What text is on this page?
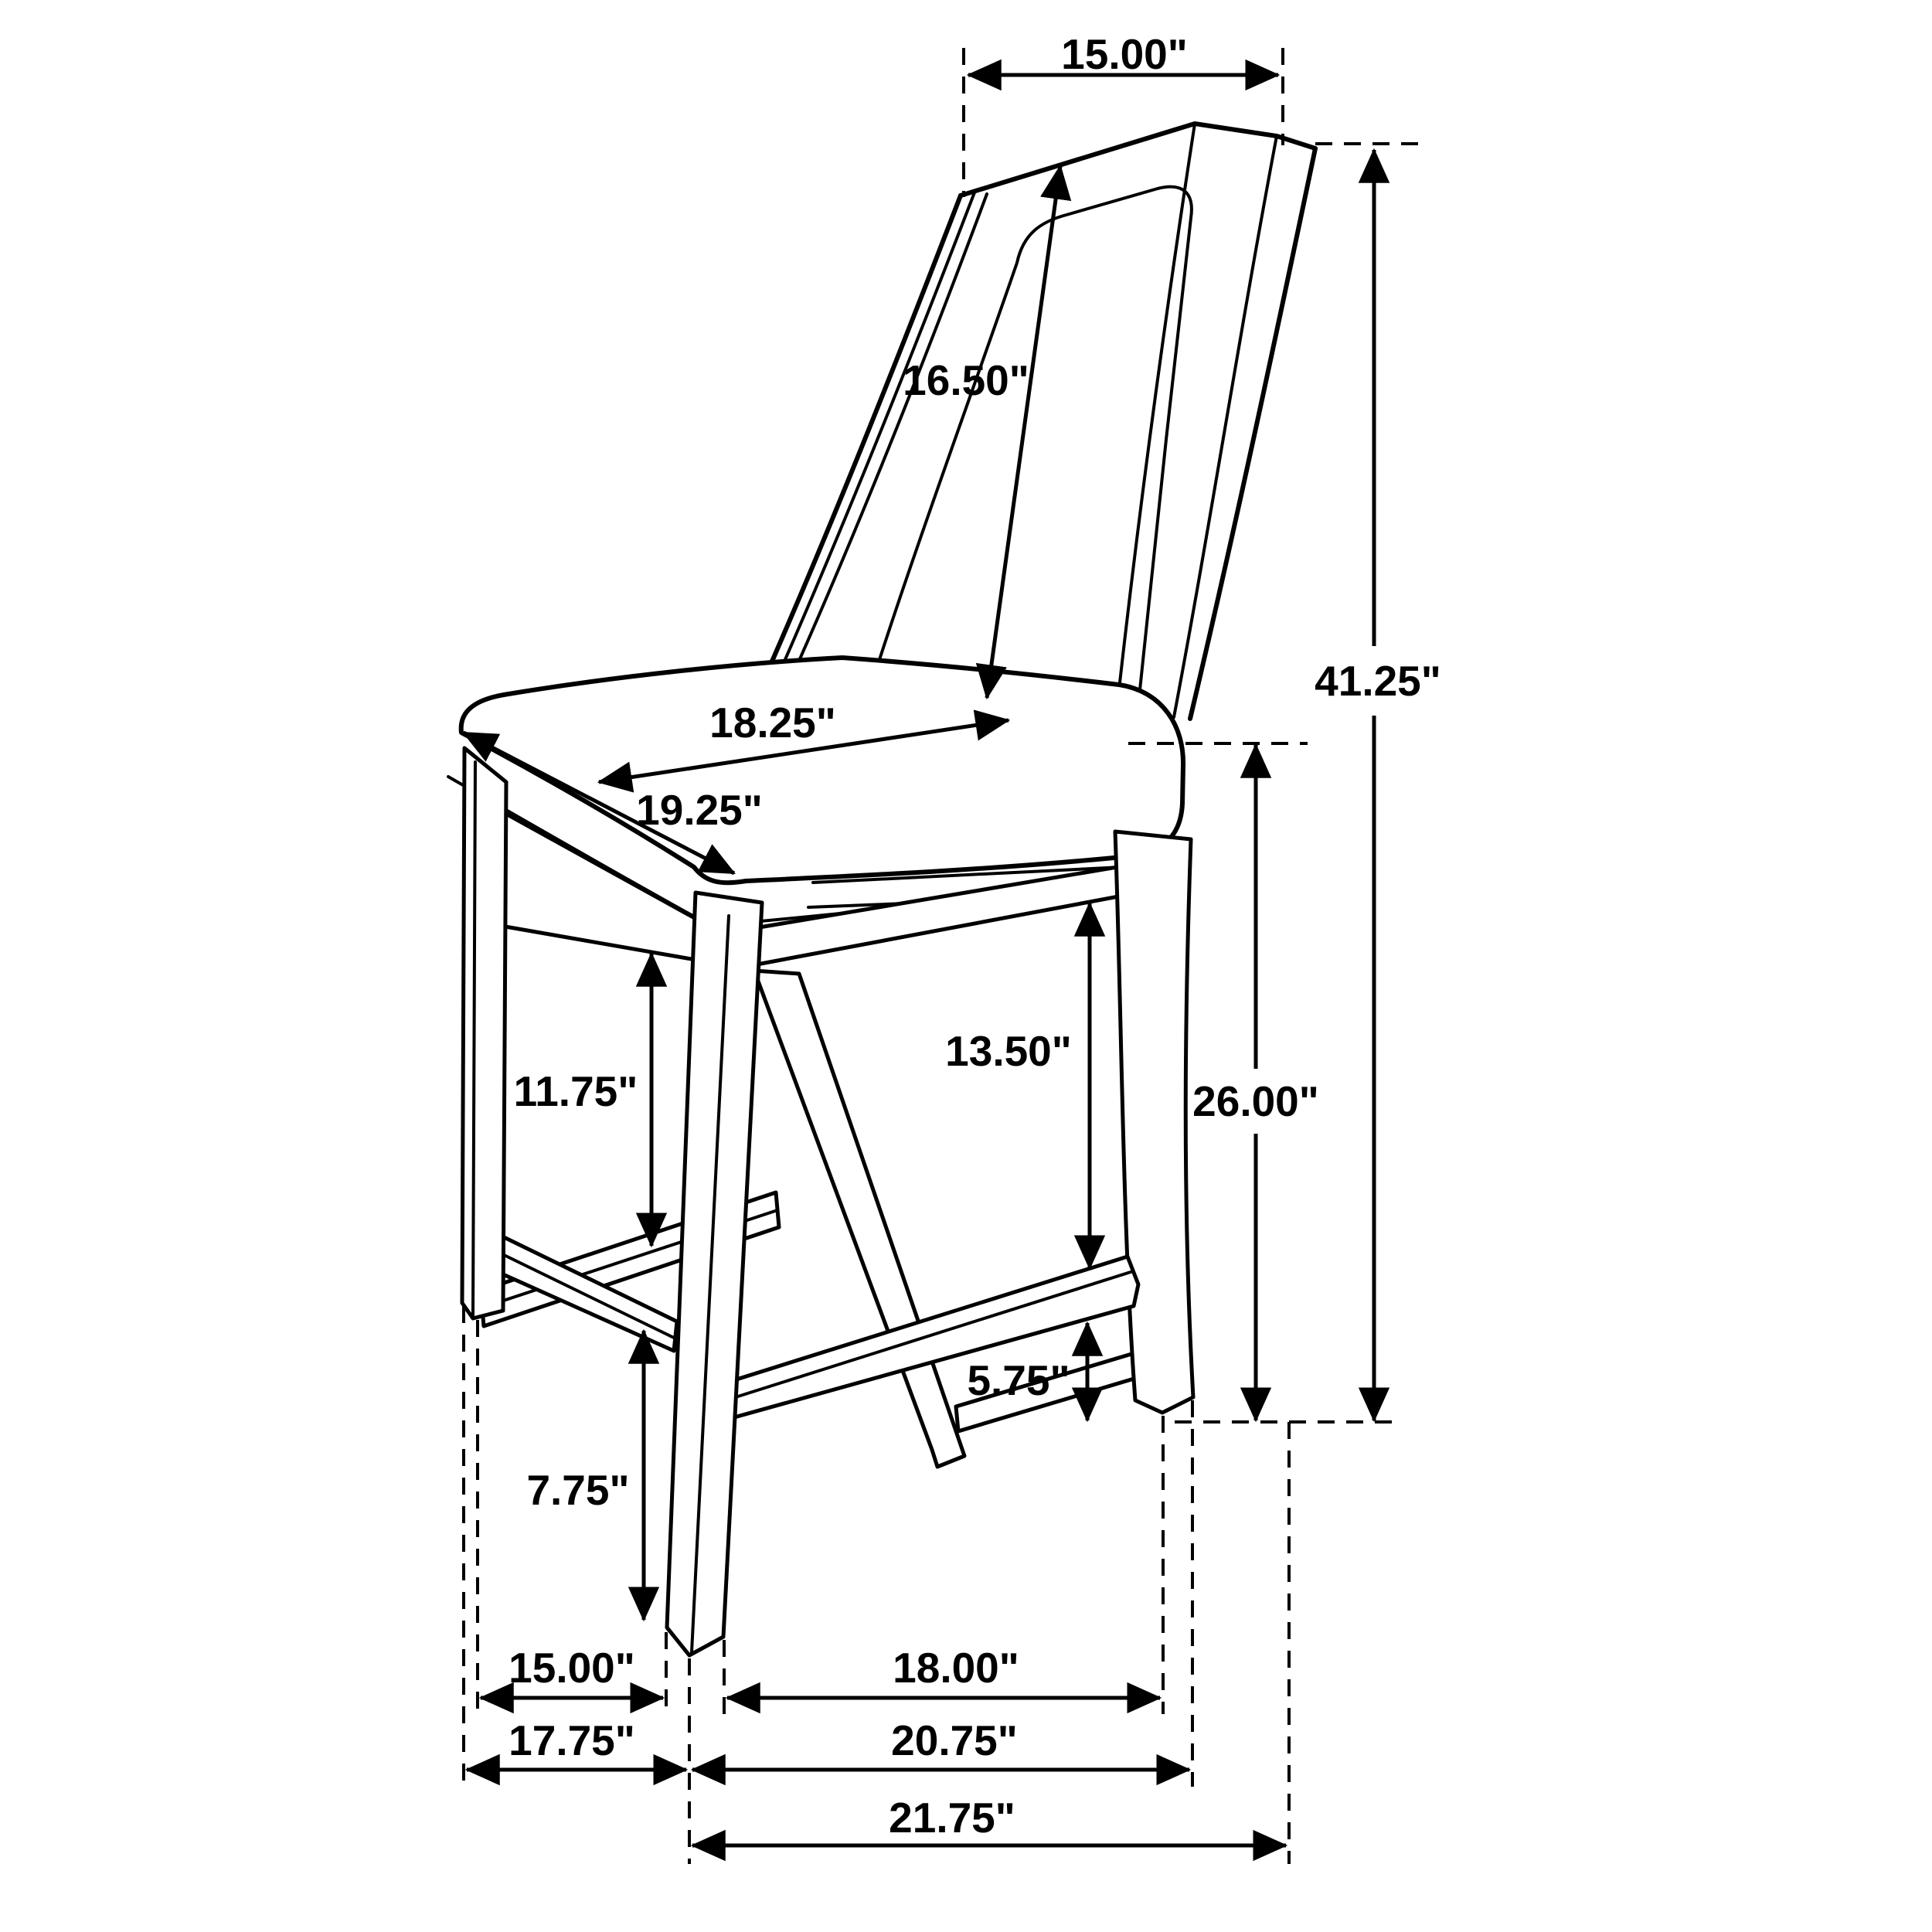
15.00"
16.50"
41.25"
18.25"
19.25"
26.00"
11.75"
13.50"
5.75"
7.75"
15.00"	18.00"
17.75"	20.75"
21.75"
